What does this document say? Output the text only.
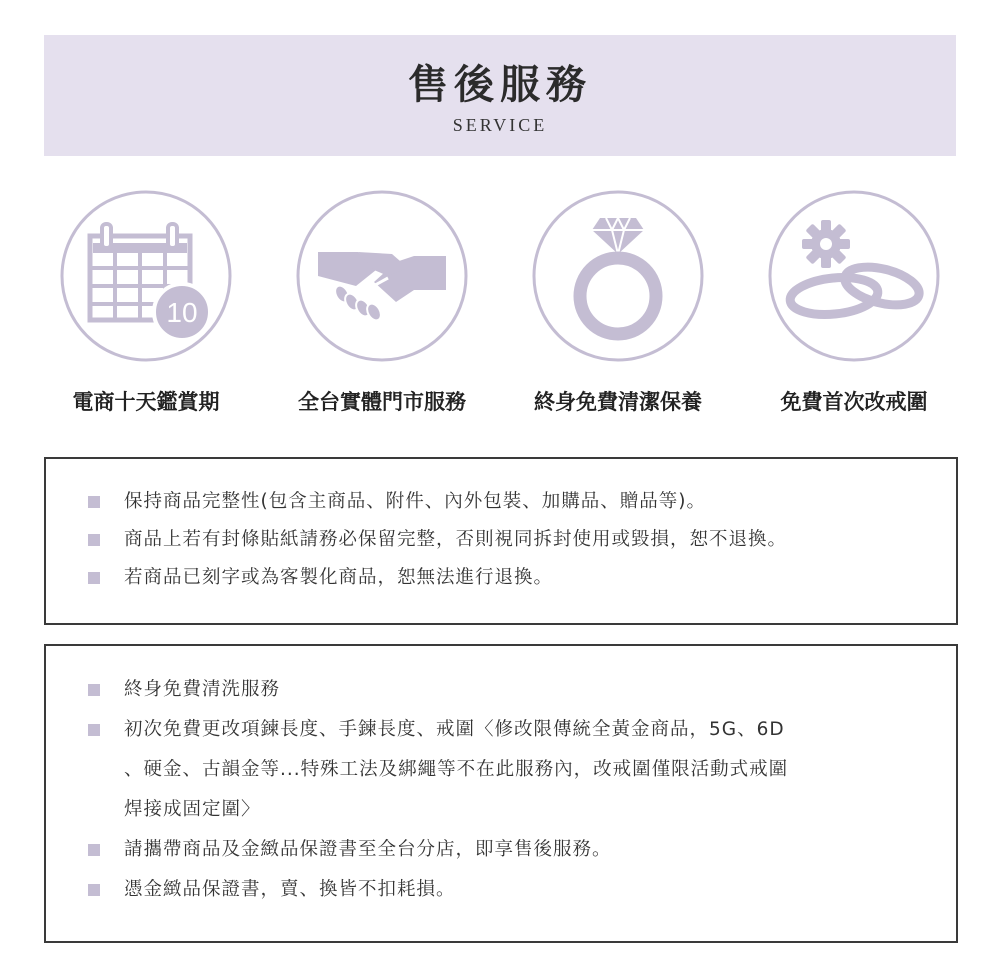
售後服務
SERVICE
10
電商十天鑑賞期	全台實體門市服務	終身免費清潔保養	免費首次改戒圍
保持商品完整性(包含主商品、附件、內外包裝、加購品、贈品等)。
商品上若有封條貼紙請務必保留完整，否則視同拆封使用或毀損，恕不退換。
若商品已刻字或為客製化商品，恕無法進行退換。
終身免費清洗服務
初次免費更改項鍊長度、手鍊長度、戒圍〈修改限傳統全黃金商品，5G、6D
、硬金、古韻金等...特殊工法及綁繩等不在此服務內，改戒圍僅限活動式戒圍
焊接成固定圍〉
請攜帶商品及金緻品保證書至全台分店，即享售後服務。
憑金緻品保證書，賣、換皆不扣耗損。
